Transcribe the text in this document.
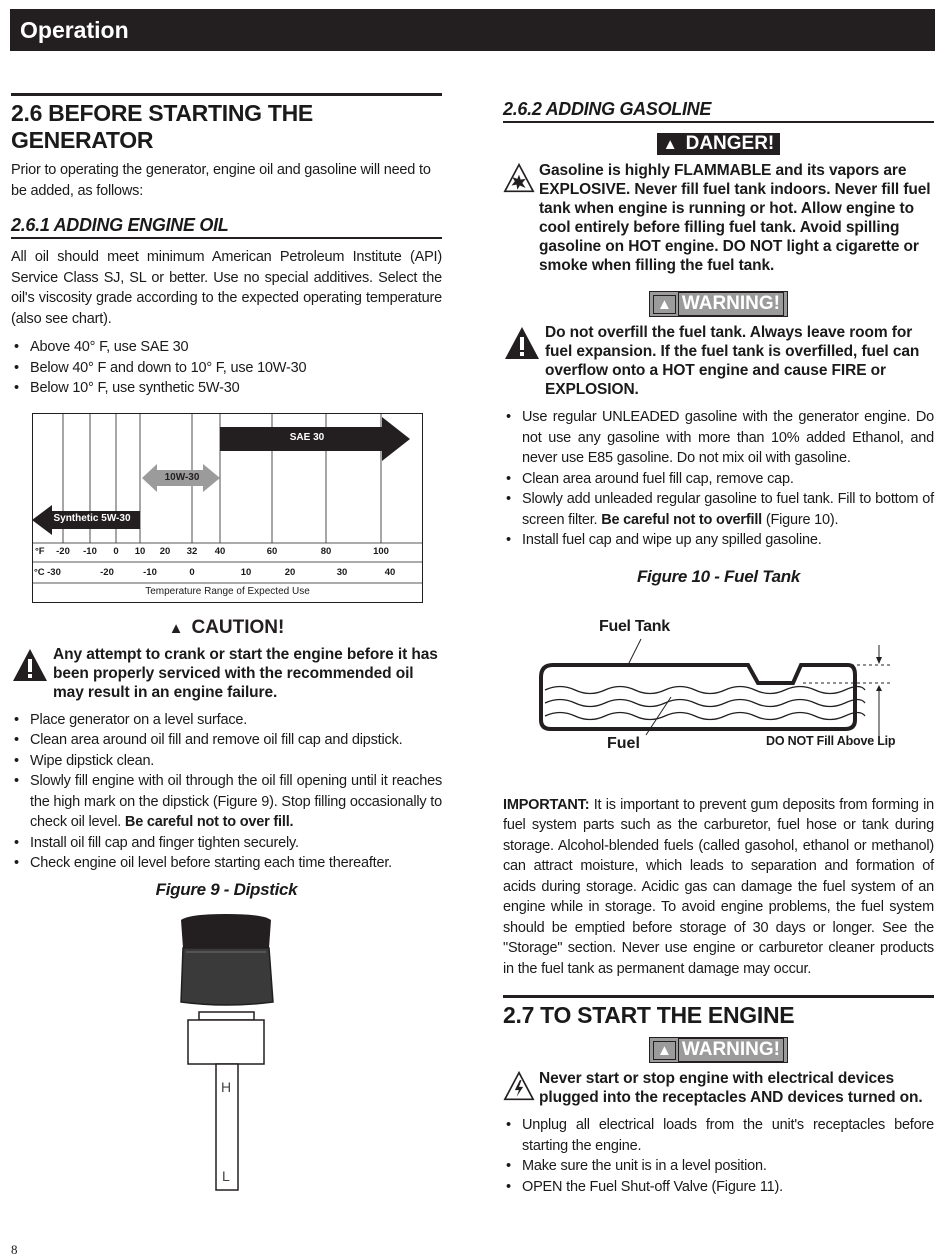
Operation
2.6 BEFORE STARTING THE GENERATOR

Prior to operating the generator, engine oil and gasoline will need to be added, as follows:

2.6.1 ADDING ENGINE OIL

All oil should meet minimum American Petroleum Institute (API) Service Class SJ, SL or better. Use no special additives. Select the oil's viscosity grade according to the expected operating temperature (also see chart).

• Above 40° F, use SAE 30
• Below 40° F and down to 10° F, use 10W-30
• Below 10° F, use synthetic 5W-30
SAE 30
10W-30
Synthetic 5W-30
°F	-20	-10	0	10	20	32	40	60	80	100
°C -30	-20	-10	0	10	20	30	40
Temperature Range of Expected Use
▲ CAUTION!
Any attempt to crank or start the engine before it has been properly serviced with the recommended oil may result in an engine failure.
• Place generator on a level surface.
• Clean area around oil fill and remove oil fill cap and dipstick.
• Wipe dipstick clean.
• Slowly fill engine with oil through the oil fill opening until it reaches the high mark on the dipstick (Figure 9). Stop filling occasionally to check oil level. Be careful not to over fill.
• Install oil fill cap and finger tighten securely.
• Check engine oil level before starting each time thereafter.
Figure 9 - Dipstick
H
L
2.6.2 ADDING GASOLINE
▲ DANGER!
Gasoline is highly FLAMMABLE and its vapors are EXPLOSIVE. Never fill fuel tank indoors. Never fill fuel tank when engine is running or hot. Allow engine to cool entirely before filling fuel tank. Avoid spilling gasoline on HOT engine. DO NOT light a cigarette or smoke when filling the fuel tank.
▲ WARNING!
Do not overfill the fuel tank. Always leave room for fuel expansion. If the fuel tank is overfilled, fuel can overflow onto a HOT engine and cause FIRE or EXPLOSION.
• Use regular UNLEADED gasoline with the generator engine. Do not use any gasoline with more than 10% added Ethanol, and never use E85 gasoline. Do not mix oil with gasoline.
• Clean area around fuel fill cap, remove cap.
• Slowly add unleaded regular gasoline to fuel tank. Fill to bottom of screen filter. Be careful not to overfill (Figure 10).
• Install fuel cap and wipe up any spilled gasoline.
Figure 10 - Fuel Tank
Fuel Tank
Fuel	DO NOT Fill Above Lip

IMPORTANT: It is important to prevent gum deposits from forming in fuel system parts such as the carburetor, fuel hose or tank during storage. Alcohol-blended fuels (called gasohol, ethanol or methanol) can attract moisture, which leads to separation and formation of acids during storage. Acidic gas can damage the fuel system of an engine while in storage. To avoid engine problems, the fuel system should be emptied before storage of 30 days or longer. See the "Storage" section. Never use engine or carburetor cleaner products in the fuel tank as permanent damage may occur.

2.7 TO START THE ENGINE
▲ WARNING!
Never start or stop engine with electrical devices plugged into the receptacles AND devices turned on.
• Unplug all electrical loads from the unit's receptacles before starting the engine.
• Make sure the unit is in a level position.
• OPEN the Fuel Shut-off Valve (Figure 11).
8
